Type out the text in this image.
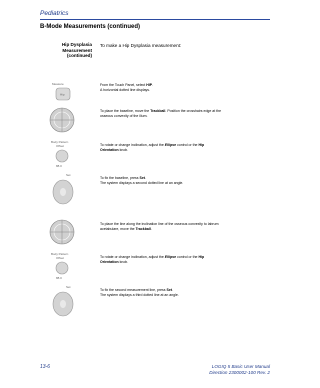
Pediatrics
B-Mode Measurements (continued)
Hip Dysplasia
Measurement
(continued)
To make a Hip Dysplasia measurement:
From the Touch Panel, select HIP.
A horizontal dotted line displays.
To place the baseline, move the Trackball. Position the crosshairs edge at the
osseous convexity of the ilium.
To rotate or change inclination, adjust the Ellipse control or the Hip
Orientation knob.
To fix the baseline, press Set.
The system displays a second dotted line at an angle.
To place the line along the inclination line of the osseous convexity to labrum
acetabulare, move the Trackball.
To rotate or change inclination, adjust the Ellipse control or the Hip
Orientation knob.
To fix the second measurement line, press Set.
The system displays a third dotted line at an angle.
Measure
Hip
Body Pattern
Offset
88.0
Set
Body Pattern
Offset
88.0
Set
13-6	LOGIQ 5 Basic User Manual
Direction 2300002-100 Rev. 2
